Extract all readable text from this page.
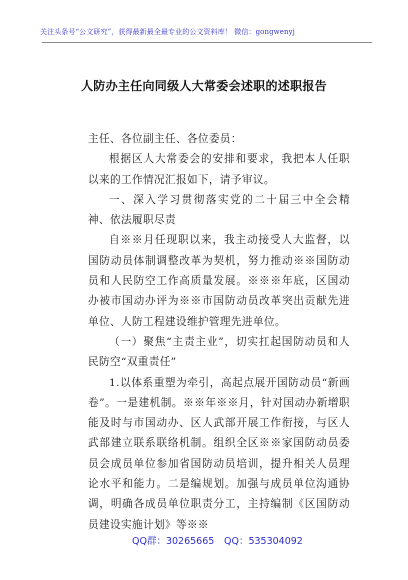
关注头条号“公文研究”，获得最新最全最专业的公文资料库！ 微信：gongwenyj
人防办主任向同级人大常委会述职的述职报告

主任、各位副主任、各位委员：

根据区人大常委会的安排和要求，我把本人任职以来的工作情况汇报如下，请予审议。

一、深入学习贯彻落实党的二十届三中全会精神、依法履职尽责

自※※月任现职以来，我主动接受人大监督，以国防动员体制调整改革为契机，努力推动※※国防动员和人民防空工作高质量发展。※※※年底，区国动办被市国动办评为※※市国防动员改革突出贡献先进单位、人防工程建设维护管理先进单位。

（一）聚焦“主责主业”，切实扛起国防动员和人民防空“双重责任”

1.以体系重塑为牵引，高起点展开国防动员“新画卷”。一是建机制。※※年※※月，针对国动办新增职能及时与市国动办、区人武部开展工作衔接，与区人武部建立联系联络机制。组织全区※※家国防动员委员会成员单位参加省国防动员培训，提升相关人员理论水平和能力。二是编规划。加强与成员单位沟通协调，明确各成员单位职责分工，主持编制《区国防动员建设实施计划》等※※

QQ群：30265665 QQ：535304092
